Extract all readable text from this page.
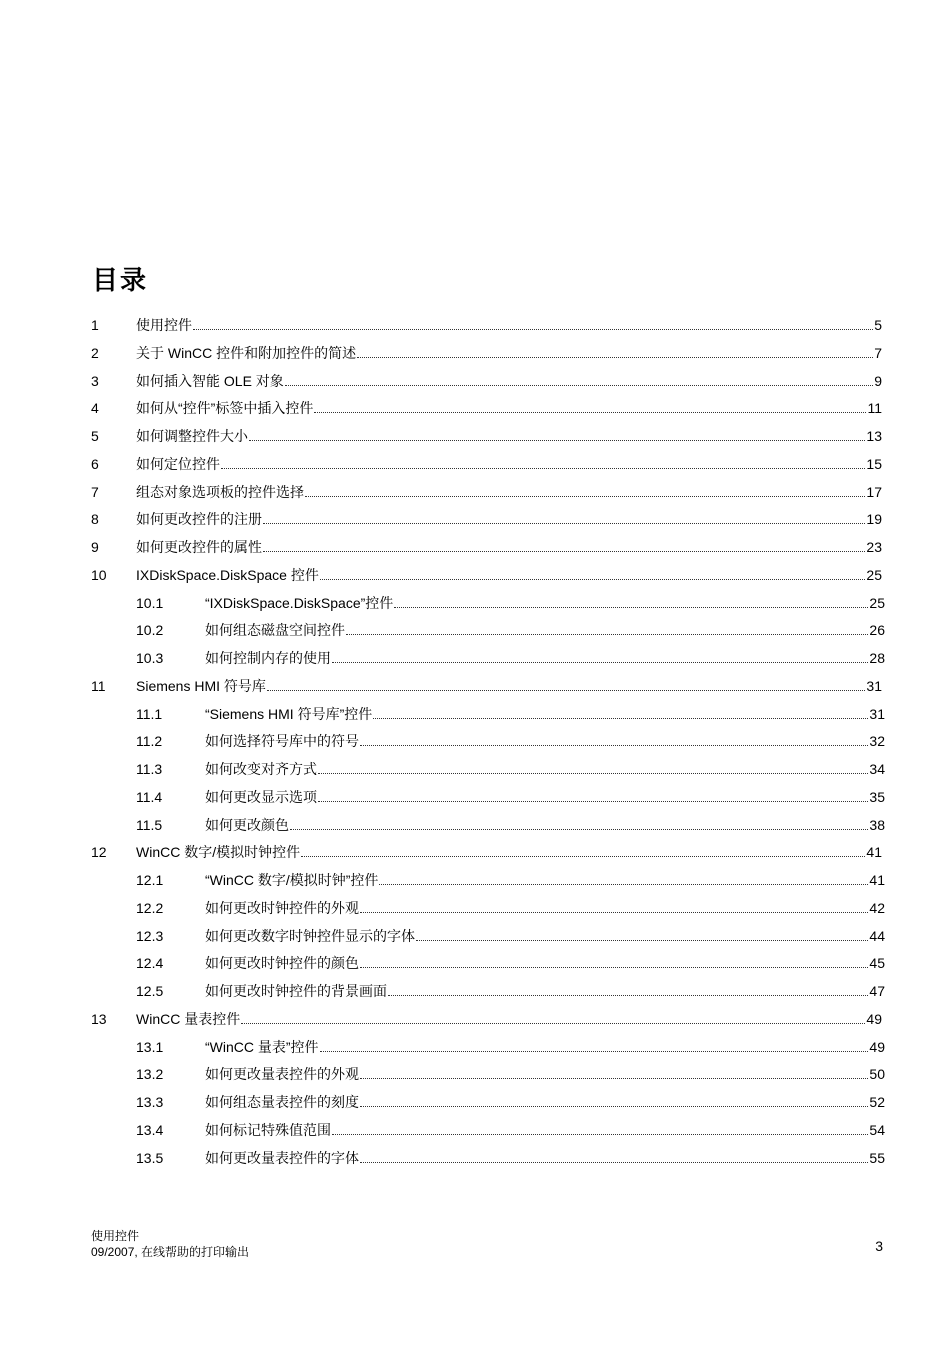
目录
1	使用控件	5
2	关于 WinCC 控件和附加控件的简述	7
3	如何插入智能 OLE 对象	9
4	如何从“控件”标签中插入控件	11
5	如何调整控件大小	13
6	如何定位控件	15
7	组态对象选项板的控件选择	17
8	如何更改控件的注册	19
9	如何更改控件的属性	23
10 IXDiskSpace.DiskSpace 控件	25
10.1	“IXDiskSpace.DiskSpace”控件	25
10.2	如何组态磁盘空间控件	26
10.3	如何控制内存的使用	28
11 Siemens HMI 符号库	31
11.1	“Siemens HMI 符号库”控件	31
11.2	如何选择符号库中的符号	32
11.3	如何改变对齐方式	34
11.4	如何更改显示选项	35
11.5	如何更改颜色	38
12 WinCC 数字/模拟时钟控件	41
12.1	“WinCC 数字/模拟时钟”控件	41
12.2	如何更改时钟控件的外观	42
12.3	如何更改数字时钟控件显示的字体	44
12.4	如何更改时钟控件的颜色	45
12.5	如何更改时钟控件的背景画面	47
13 WinCC 量表控件	49
13.1	“WinCC 量表”控件	49
13.2	如何更改量表控件的外观	50
13.3	如何组态量表控件的刻度	52
13.4	如何标记特殊值范围	54
13.5	如何更改量表控件的字体	55
使用控件
09/2007, 在线帮助的打印输出	3
